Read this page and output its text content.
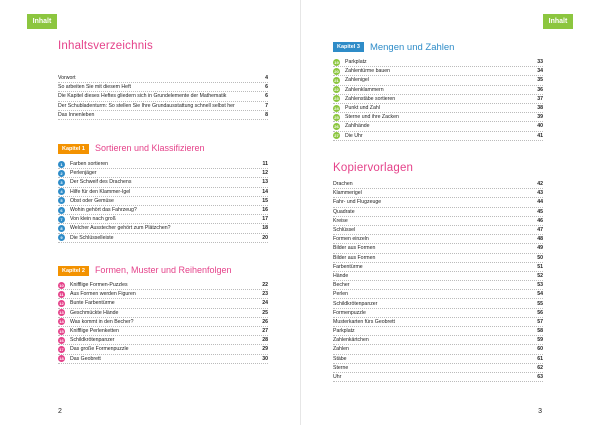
Inhalt
Inhaltsverzeichnis
Vorwort	4
So arbeiten Sie mit diesem Heft	6
Die Kapitel dieses Heftes gliedern sich in Grundelemente der Mathematik	6
Der Schubladenturm: So stellen Sie Ihre Grundausstattung schnell selbst her	7
Das Innenleben	8
Kapitel 1 Sortieren und Klassifizieren
1	Farben sortieren	11
2	Perlenjäger	12
3	Der Schweif des Drachens	13
4	Hilfe für den Klammer-Igel	14
5	Obst oder Gemüse	15
6	Wohin gehört das Fahrzeug?	16
7	Von klein nach groß	17
8	Welcher Ausstecher gehört zum Plätzchen?	18
9	Die Schlüsselleiste	20
Kapitel 2 Formen, Muster und Reihenfolgen
10 Knifflige Formen-Puzzles	22
11 Aus Formen werden Figuren	23
12 Bunte Farbentürme	24
13 Geschmückte Hände	25
14 Was kommt in den Becher?	26
15 Knifflige Perlenketten	27
16 Schildkrötenpanzer	28
17 Das große Formenpuzzle	29
18 Das Geobrett	30
2
Inhalt
Kapitel 3 Mengen und Zahlen
19 Parkplatz	33
20 Zahlentürme bauen	34
21 Zahlenigel	35
22 Zahlenklammern	36
23 Zahlenstäbe sortieren	37
24 Punkt und Zahl	38
25 Sterne und ihre Zacken	39
26 Zahlhände	40
27 Die Uhr	41
Kopiervorlagen
Drachen	42
Klammerigel	43
Fahr- und Flugzeuge	44
Quadrate	45
Kreise	46
Schlüssel	47
Formen einzeln	48
Bilder aus Formen	49
Bilder aus Formen	50
Farbentürme	51
Hände	52
Becher	53
Perlen	54
Schildkrötenpanzer	55
Formenpuzzle	56
Musterkarten fürs Geobrett	57
Parkplatz	58
Zahlenkärtchen	59
Zahlen	60
Stäbe	61
Sterne	62
Uhr	63
3
